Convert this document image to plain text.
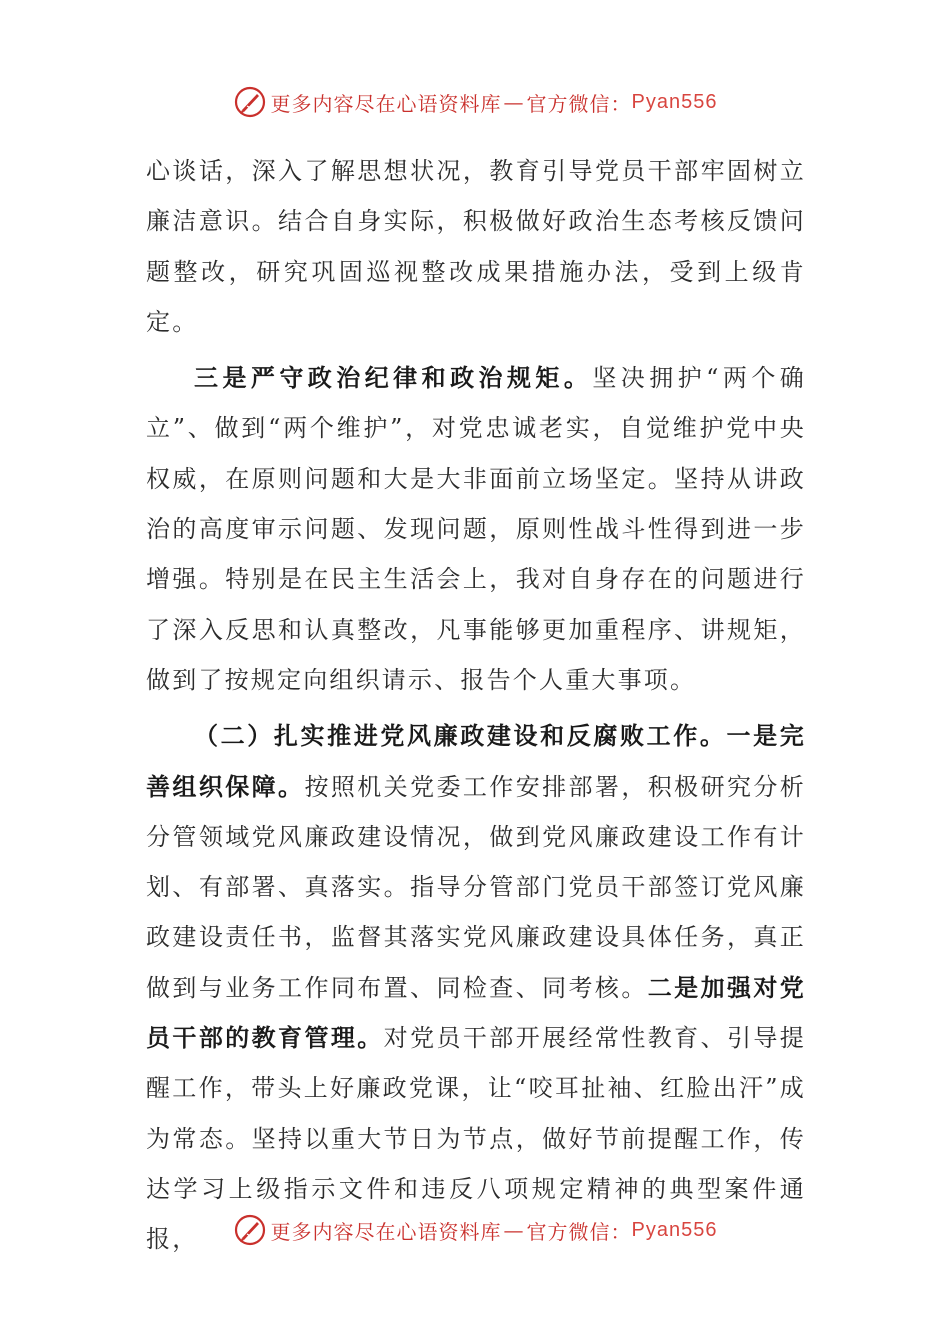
更多内容尽在心语资料库 — 官方微信： Pyan556

心谈话，深入了解思想状况，教育引导党员干部牢固树立廉洁意识。结合自身实际，积极做好政治生态考核反馈问题整改，研究巩固巡视整改成果措施办法，受到上级肯定。

三是严守政治纪律和政治规矩。坚决拥护“两个确立”、做到“两个维护”，对党忠诚老实，自觉维护党中央权威，在原则问题和大是大非面前立场坚定。坚持从讲政治的高度审示问题、发现问题，原则性战斗性得到进一步增强。特别是在民主生活会上，我对自身存在的问题进行了深入反思和认真整改，凡事能够更加重程序、讲规矩，做到了按规定向组织请示、报告个人重大事项。

（二）扎实推进党风廉政建设和反腐败工作。一是完善组织保障。按照机关党委工作安排部署，积极研究分析分管领域党风廉政建设情况，做到党风廉政建设工作有计划、有部署、真落实。指导分管部门党员干部签订党风廉政建设责任书，监督其落实党风廉政建设具体任务，真正做到与业务工作同布置、同检查、同考核。二是加强对党员干部的教育管理。对党员干部开展经常性教育、引导提醒工作，带头上好廉政党课，让“咬耳扯袖、红脸出汗”成为常态。坚持以重大节日为节点，做好节前提醒工作，传达学习上级指示文件和违反八项规定精神的典型案件通报，	更多内容尽在心语资料库 — 官方微信： Pyan556
